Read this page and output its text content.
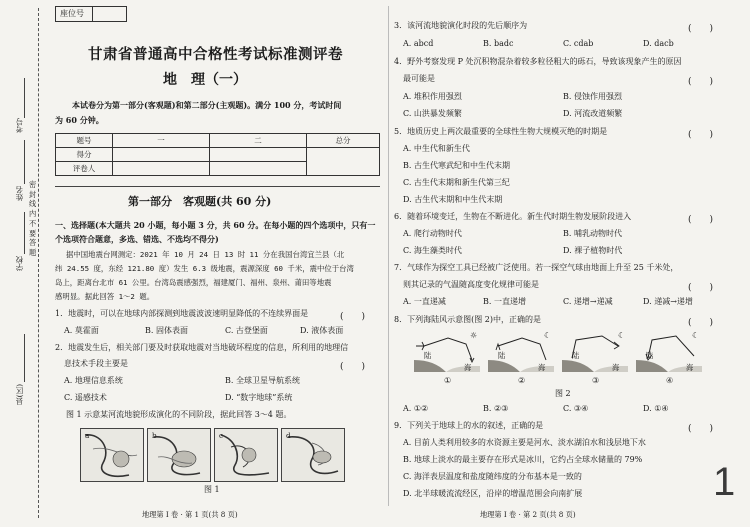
考号
姓名
学校
县(区)
密 封 线 内 不 要 答 题
座位号
甘肃省普通高中合格性考试标准测评卷
地　理（一）
本试卷分为第一部分(客观题)和第二部分(主观题)。满分 100 分，考试时间
为 60 分钟。
题号	一	二	总分
得分			
评卷人			
第一部分　客观题(共 60 分)
一、选择题(本大题共 20 小题，每小题 3 分，共 60 分。在每小题的四个选项中，只有一
个选项符合题意，多选、错选、不选均不得分)
据中国地震台网测定：2021 年 10 月 24 日 13 时 11 分在我国台湾宜兰县（北
纬 24.55 度，东经 121.80 度）发生 6.3 级地震，震源深度 60 千米，震中位于台湾
岛上，距离台北市 61 公里。台湾岛震感强烈，福建厦门、福州、泉州、莆田等地震
感明显。据此回答 1～2 题。
1．地震时，可以在地球内部探测到地震波波速明显降低的不连续界面是	(　　)
A. 莫霍面	B. 固体表面	C. 古登堡面	D. 液体表面
2．地震发生后，相关部门要及时获取地震对当地破坏程度的信息，所利用的地理信
息技术手段主要是	(　　)
A. 地理信息系统	B. 全球卫星导航系统
C. 遥感技术	D. “数字地球”系统
图 1 示意某河流地貌形成演化的不同阶段，据此回答 3～4 题。
a	b	c	d
图 1
地理第 Ⅰ 卷 · 第 1 页(共 8 页)
3．该河流地貌演化时段的先后顺序为	(　　)
A. abcd	B. badc	C. cdab	D. dacb
4．野外考察发现 P 处沉积物混杂着较多粒径粗大的砾石，导致该现象产生的原因
最可能是	(　　)
A. 堆积作用强烈	B. 侵蚀作用强烈
C. 山洪暴发频繁	D. 河流改道频繁
5．地质历史上两次最重要的全球性生物大规模灭绝的时期是	(　　)
A. 中生代和新生代
B. 古生代寒武纪和中生代末期
C. 古生代末期和新生代第三纪
D. 古生代末期和中生代末期
6．随着环境变迁，生物在不断进化。新生代时期生物发展阶段进入	(　　)
A. 爬行动物时代	B. 哺乳动物时代
C. 海生藻类时代	D. 裸子植物时代
7．气球作为探空工具已经被广泛使用。若一探空气球由地面上升至 25 千米处，
则其记录的气温随高度变化规律可能是	(　　)
A. 一直递减	B. 一直递增	C. 递增→递减	D. 递减→递增
8．下列海陆风示意图(图 2)中，正确的是	(　　)
☼
陆
海
①
☾
陆
海
②
☾
陆
海
③
☾
陆
海
④
图 2
A. ①②	B. ②③	C. ③④	D. ①④
9．下列关于地球上的水的叙述，正确的是	(　　)
A. 目前人类利用较多的水资源主要是河水、淡水湖泊水和浅层地下水
B. 地球上淡水的最主要存在形式是冰川，它约占全球水储量的 79%
C. 海洋表层温度和盐度随纬度的分布基本是一致的
D. 北半球暖流流经区，沿岸的增温范围会向南扩展
地理第 Ⅰ 卷 · 第 2 页(共 8 页)
1
